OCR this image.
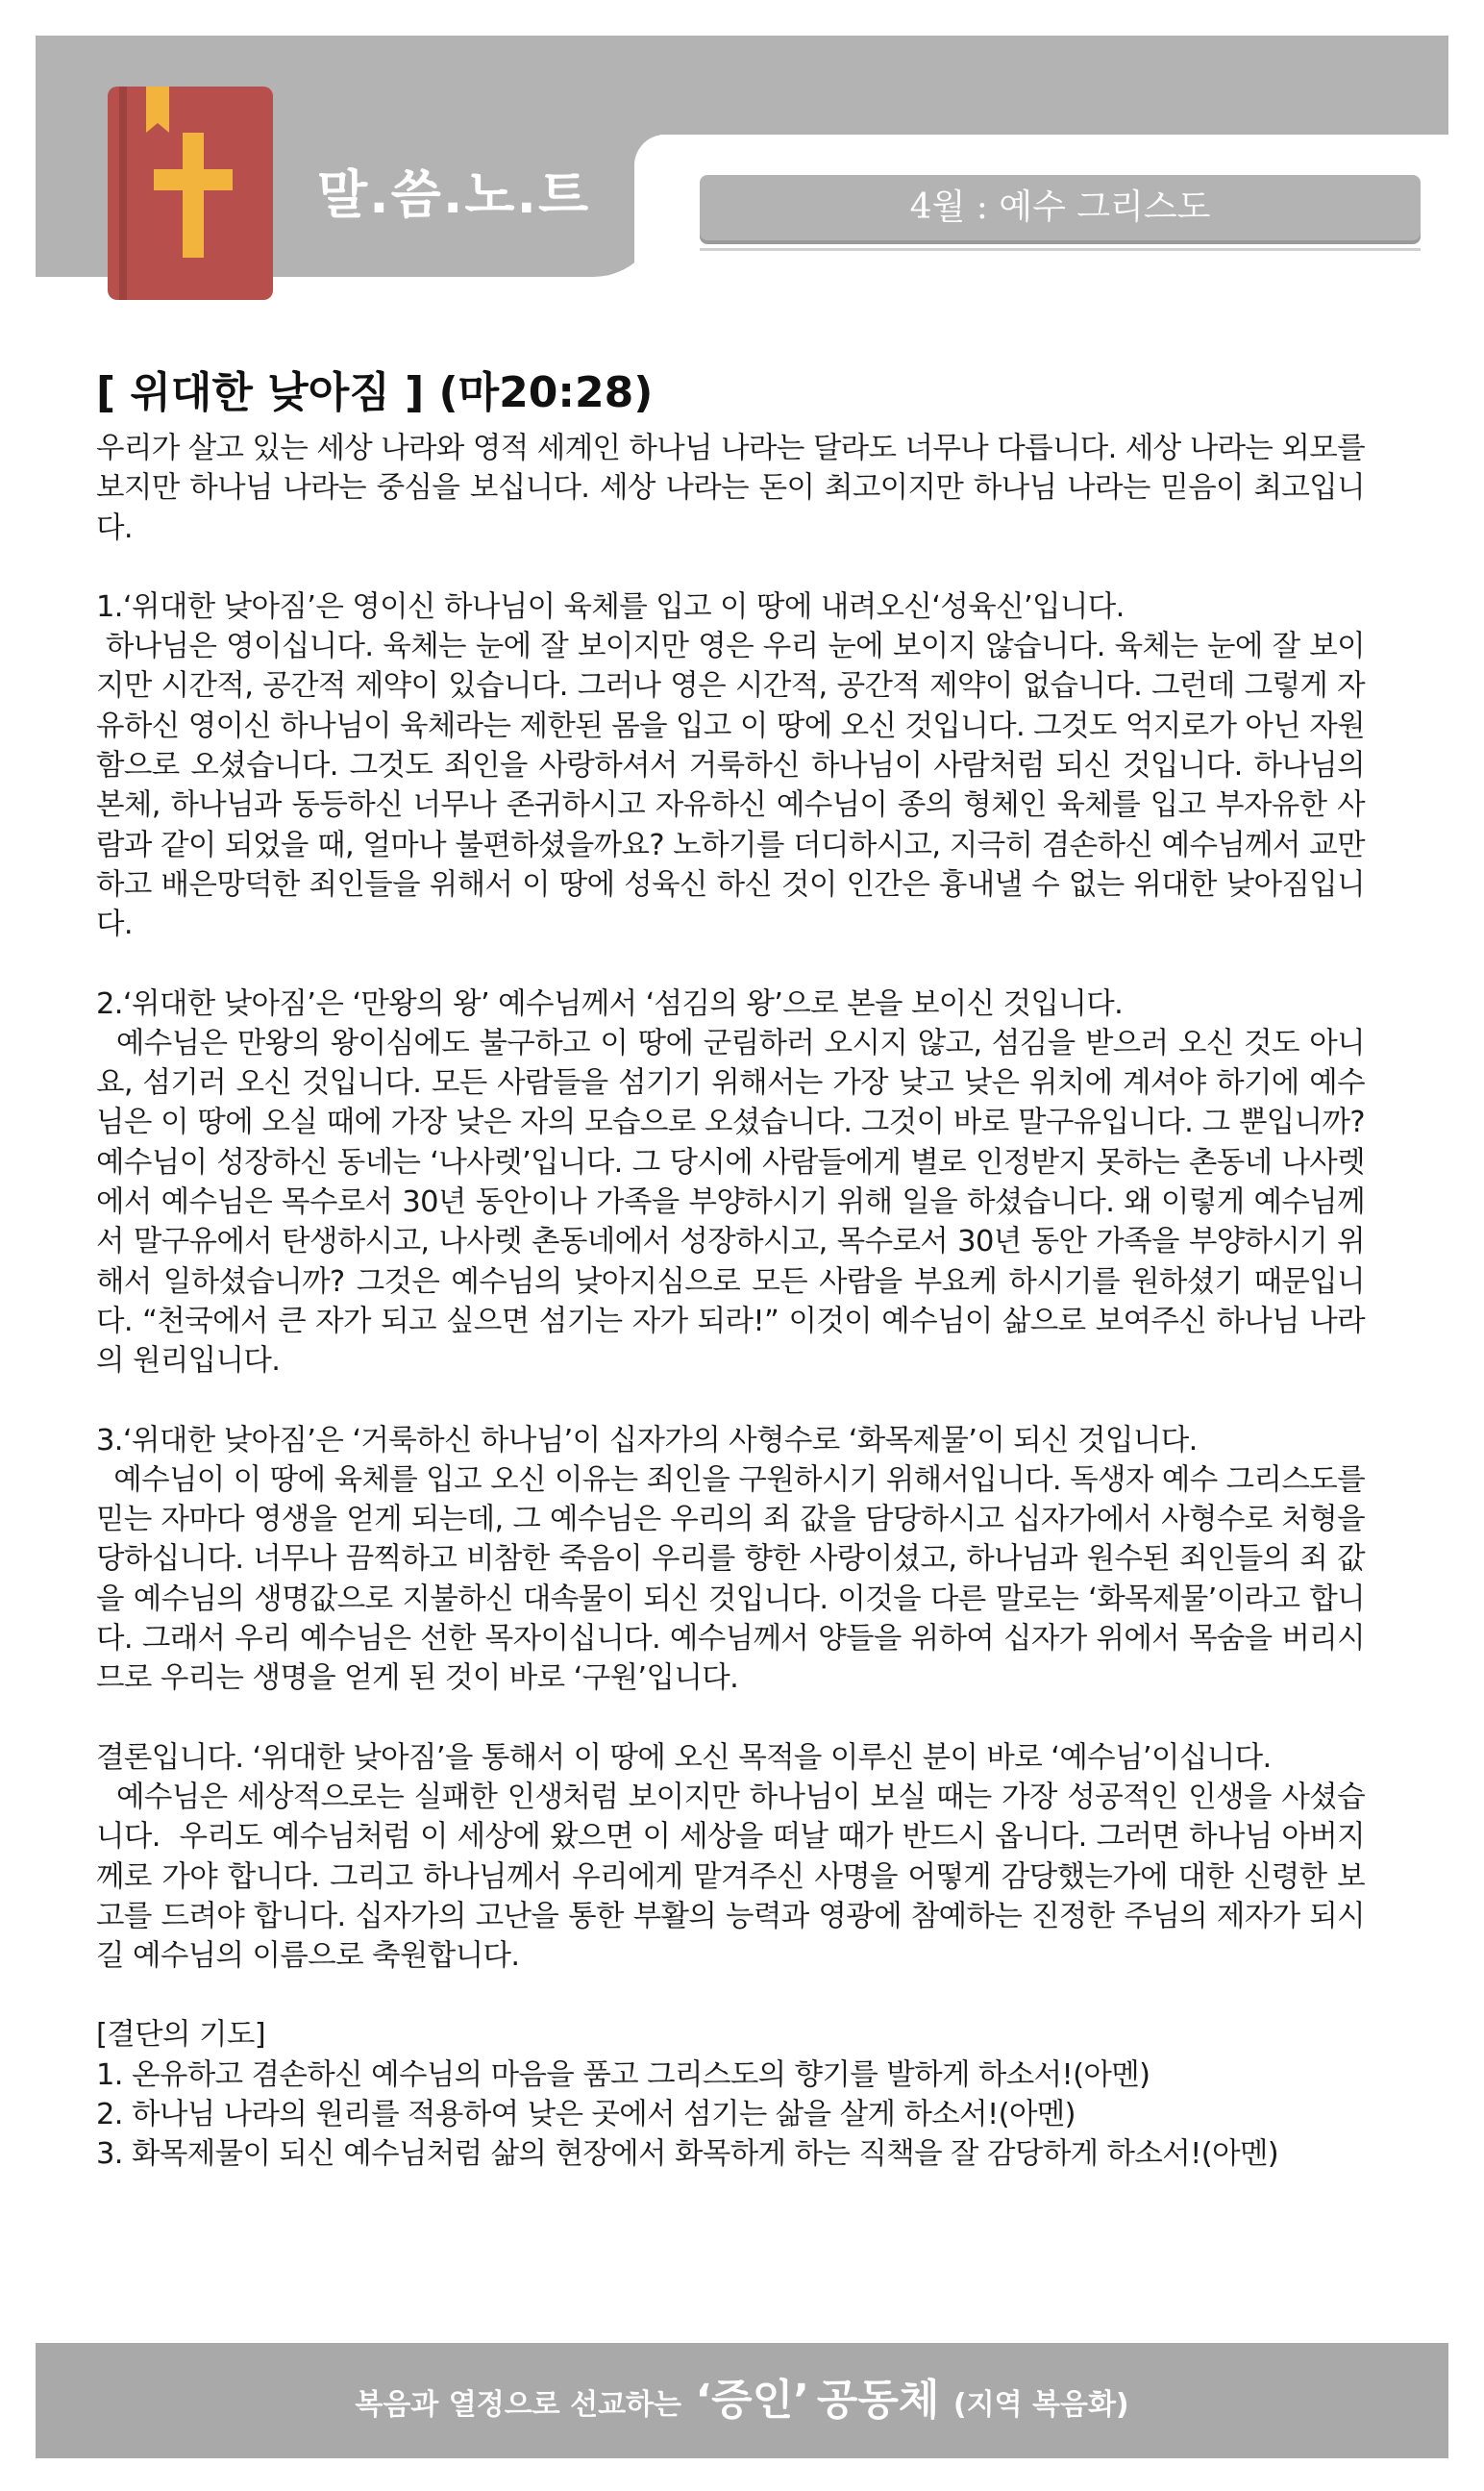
말.씀.노.트	4월 : 예수 그리스도
[ 위대한 낮아짐 ] (마20:28)

우리가 살고 있는 세상 나라와 영적 세계인 하나님 나라는 달라도 너무나 다릅니다. 세상 나라는 외모를 보지만 하나님 나라는 중심을 보십니다. 세상 나라는 돈이 최고이지만 하나님 나라는 믿음이 최고입니다.

1.‘위대한 낮아짐’은 영이신 하나님이 육체를 입고 이 땅에 내려오신‘성육신’입니다.

하나님은 영이십니다. 육체는 눈에 잘 보이지만 영은 우리 눈에 보이지 않습니다. 육체는 눈에 잘 보이지만 시간적, 공간적 제약이 있습니다. 그러나 영은 시간적, 공간적 제약이 없습니다. 그런데 그렇게 자유하신 영이신 하나님이 육체라는 제한된 몸을 입고 이 땅에 오신 것입니다. 그것도 억지로가 아닌 자원함으로 오셨습니다. 그것도 죄인을 사랑하셔서 거룩하신 하나님이 사람처럼 되신 것입니다. 하나님의 본체, 하나님과 동등하신 너무나 존귀하시고 자유하신 예수님이 종의 형체인 육체를 입고 부자유한 사람과 같이 되었을 때, 얼마나 불편하셨을까요? 노하기를 더디하시고, 지극히 겸손하신 예수님께서 교만하고 배은망덕한 죄인들을 위해서 이 땅에 성육신 하신 것이 인간은 흉내낼 수 없는 위대한 낮아짐입니다.

2.‘위대한 낮아짐’은 ‘만왕의 왕’ 예수님께서 ‘섬김의 왕’으로 본을 보이신 것입니다.

예수님은 만왕의 왕이심에도 불구하고 이 땅에 군림하러 오시지 않고, 섬김을 받으러 오신 것도 아니요, 섬기러 오신 것입니다. 모든 사람들을 섬기기 위해서는 가장 낮고 낮은 위치에 계셔야 하기에 예수님은 이 땅에 오실 때에 가장 낮은 자의 모습으로 오셨습니다. 그것이 바로 말구유입니다. 그 뿐입니까? 예수님이 성장하신 동네는 ‘나사렛’입니다. 그 당시에 사람들에게 별로 인정받지 못하는 촌동네 나사렛에서 예수님은 목수로서 30년 동안이나 가족을 부양하시기 위해 일을 하셨습니다. 왜 이렇게 예수님께서 말구유에서 탄생하시고, 나사렛 촌동네에서 성장하시고, 목수로서 30년 동안 가족을 부양하시기 위해서 일하셨습니까? 그것은 예수님의 낮아지심으로 모든 사람을 부요케 하시기를 원하셨기 때문입니다. “천국에서 큰 자가 되고 싶으면 섬기는 자가 되라!” 이것이 예수님이 삶으로 보여주신 하나님 나라의 원리입니다.

3.‘위대한 낮아짐’은 ‘거룩하신 하나님’이 십자가의 사형수로 ‘화목제물’이 되신 것입니다.

예수님이 이 땅에 육체를 입고 오신 이유는 죄인을 구원하시기 위해서입니다. 독생자 예수 그리스도를 믿는 자마다 영생을 얻게 되는데, 그 예수님은 우리의 죄 값을 담당하시고 십자가에서 사형수로 처형을 당하십니다. 너무나 끔찍하고 비참한 죽음이 우리를 향한 사랑이셨고, 하나님과 원수된 죄인들의 죄 값을 예수님의 생명값으로 지불하신 대속물이 되신 것입니다. 이것을 다른 말로는 ‘화목제물’이라고 합니다. 그래서 우리 예수님은 선한 목자이십니다. 예수님께서 양들을 위하여 십자가 위에서 목숨을 버리시므로 우리는 생명을 얻게 된 것이 바로 ‘구원’입니다.

결론입니다. ‘위대한 낮아짐’을 통해서 이 땅에 오신 목적을 이루신 분이 바로 ‘예수님’이십니다.

예수님은 세상적으로는 실패한 인생처럼 보이지만 하나님이 보실 때는 가장 성공적인 인생을 사셨습니다.  우리도 예수님처럼 이 세상에 왔으면 이 세상을 떠날 때가 반드시 옵니다. 그러면 하나님 아버지께로 가야 합니다. 그리고 하나님께서 우리에게 맡겨주신 사명을 어떻게 감당했는가에 대한 신령한 보고를 드려야 합니다. 십자가의 고난을 통한 부활의 능력과 영광에 참예하는 진정한 주님의 제자가 되시길 예수님의 이름으로 축원합니다.

[결단의 기도]

1. 온유하고 겸손하신 예수님의 마음을 품고 그리스도의 향기를 발하게 하소서!(아멘)

2. 하나님 나라의 원리를 적용하여 낮은 곳에서 섬기는 삶을 살게 하소서!(아멘)

3. 화목제물이 되신 예수님처럼 삶의 현장에서 화목하게 하는 직책을 잘 감당하게 하소서!(아멘)

복음과 열정으로 선교하는 ‘증인’ 공동체 (지역 복음화)
